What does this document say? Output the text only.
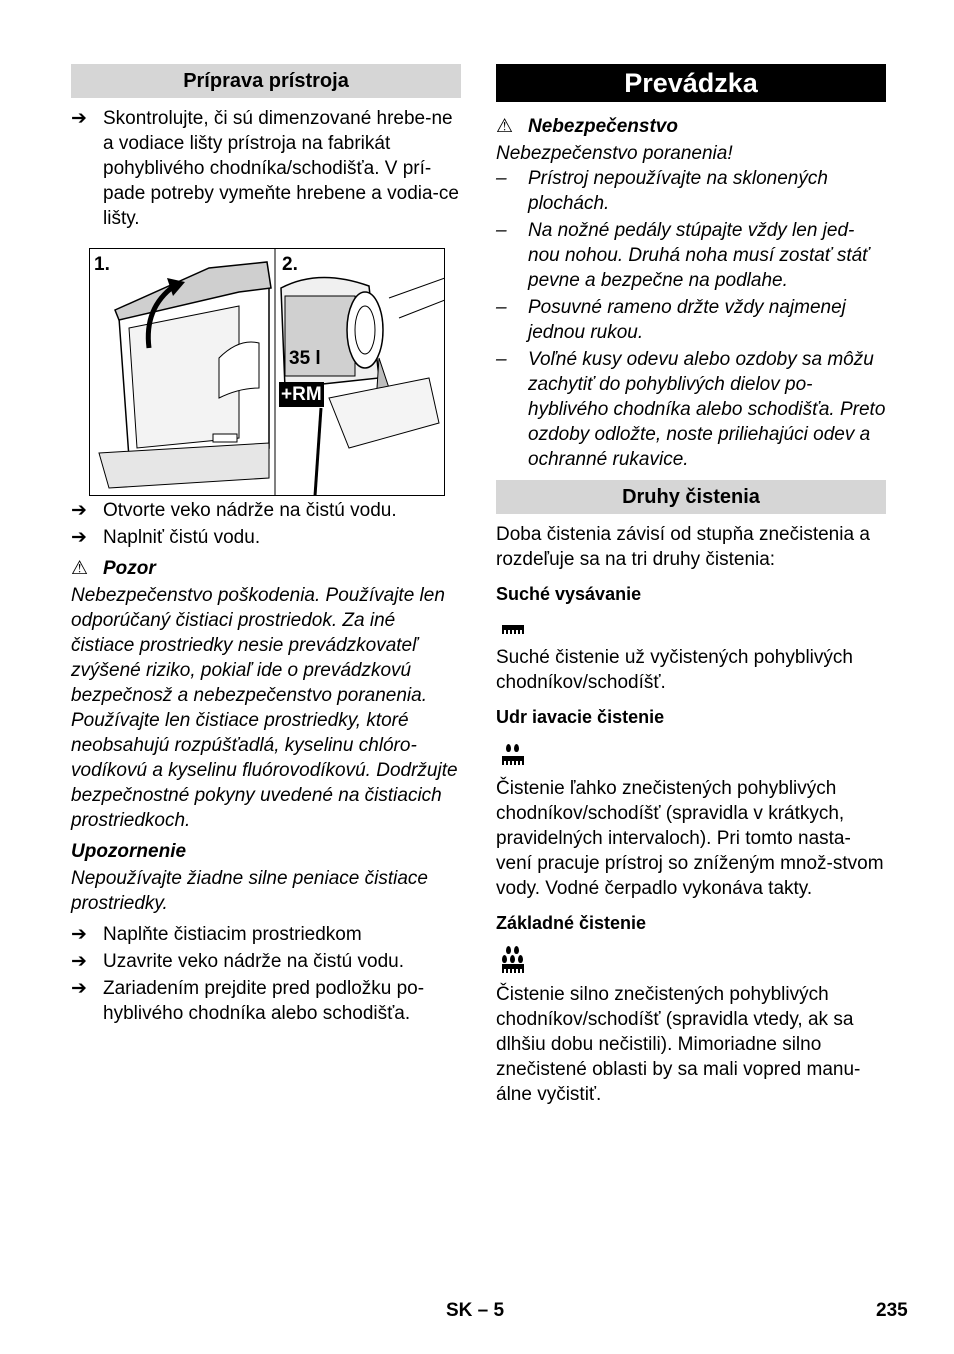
Príprava prístroja
➔ Skontrolujte, či sú dimenzované hrebe-ne a vodiace lišty prístroja na fabrikát pohyblivého chodníka/schodišťa. V prí-pade potreby vymeňte hrebene a vodia-ce lišty.
1.	2.
35 l
+RM
➔ Otvorte veko nádrže na čistú vodu.
➔ Naplniť čistú vodu.
⚠ Pozor
Nebezpečenstvo poškodenia. Používajte len odporúčaný čistiaci prostriedok. Za iné čistiace prostriedky nesie prevádzkovateľ zvýšené riziko, pokiaľ ide o prevádzkovú bezpečnosž a nebezpečenstvo poranenia. Používajte len čistiace prostriedky, ktoré neobsahujú rozpúšťadlá, kyselinu chlóro-vodíkovú a kyselinu fluórovodíkovú. Dodržujte bezpečnostné pokyny uvedené na čistiacich prostriedkoch.
Upozornenie
Nepoužívajte žiadne silne peniace čistiace prostriedky.
➔ Naplňte čistiacim prostriedkom
➔ Uzavrite veko nádrže na čistú vodu.
➔ Zariadením prejdite pred podložku po-hyblivého chodníka alebo schodišťa.
Prevádzka
⚠ Nebezpečenstvo
Nebezpečenstvo poranenia!
– Prístroj nepoužívajte na sklonených plochách.
– Na nožné pedály stúpajte vždy len jed-nou nohou. Druhá noha musí zostať stáť pevne a bezpečne na podlahe.
– Posuvné rameno držte vždy najmenej jednou rukou.
– Voľné kusy odevu alebo ozdoby sa môžu zachytiť do pohyblivých dielov po-hyblivého chodníka alebo schodišťa. Preto ozdoby odložte, noste priliehajúci odev a ochranné rukavice.
Druhy čistenia
Doba čistenia závisí od stupňa znečistenia a rozdeľuje sa na tri druhy čistenia:
Suché vysávanie
Suché čistenie už vyčistených pohyblivých chodníkov/schodíšť.
Udr iavacie čistenie
Čistenie ľahko znečistených pohyblivých chodníkov/schodíšť (spravidla v krátkych, pravidelných intervaloch). Pri tomto nasta-vení pracuje prístroj so zníženým množ-stvom vody. Vodné čerpadlo vykonáva takty.
Základné čistenie
Čistenie silno znečistených pohyblivých chodníkov/schodíšť (spravidla vtedy, ak sa dlhšiu dobu nečistili). Mimoriadne silno znečistené oblasti by sa mali vopred manu-álne vyčistiť.
SK – 5	235
